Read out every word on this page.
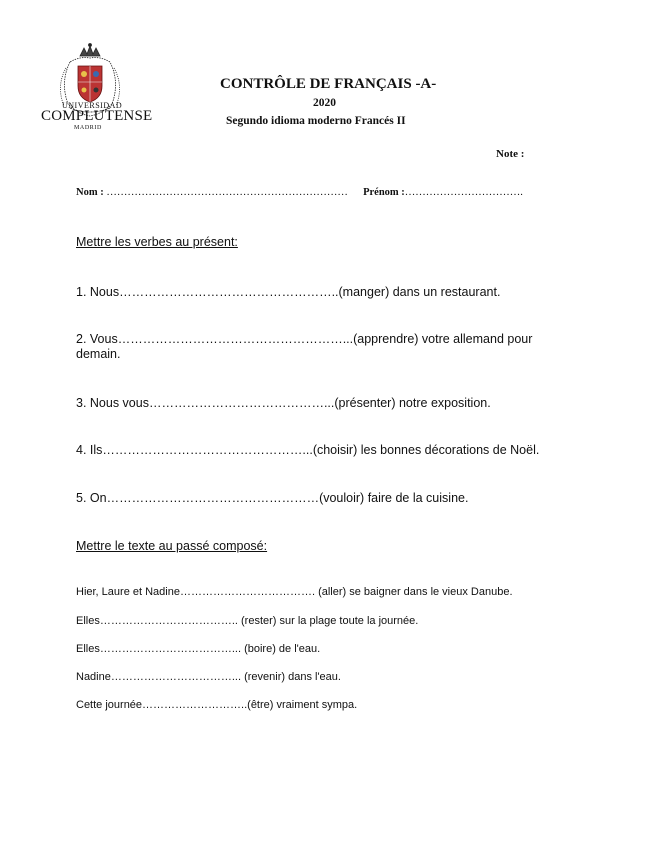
UNIVERSIDAD
COMPLUTENSE
MADRID
CONTRÔLE DE FRANÇAIS -A-
2020
Segundo idioma moderno Francés II
Note :
Nom : …………………………………………………………… Prénom :…………………………….
Mettre les verbes au présent:
1. Nous……………………………………………..(manger) dans un restaurant.
2. Vous………………………………………………...(apprendre) votre allemand pour
demain.
3. Nous vous……………………………………...(présenter) notre exposition.
4. Ils…………………………………………...(choisir) les bonnes décorations de Noël.
5. On……………………………………………(vouloir) faire de la cuisine.
Mettre le texte au passé composé:
Hier, Laure et Nadine………………………………. (aller) se baigner dans le vieux Danube.
Elles……………………………….. (rester) sur la plage toute la journée.
Elles………………………………... (boire) de l'eau.
Nadine……………………………... (revenir) dans l'eau.
Cette journée………………………..(être) vraiment sympa.
